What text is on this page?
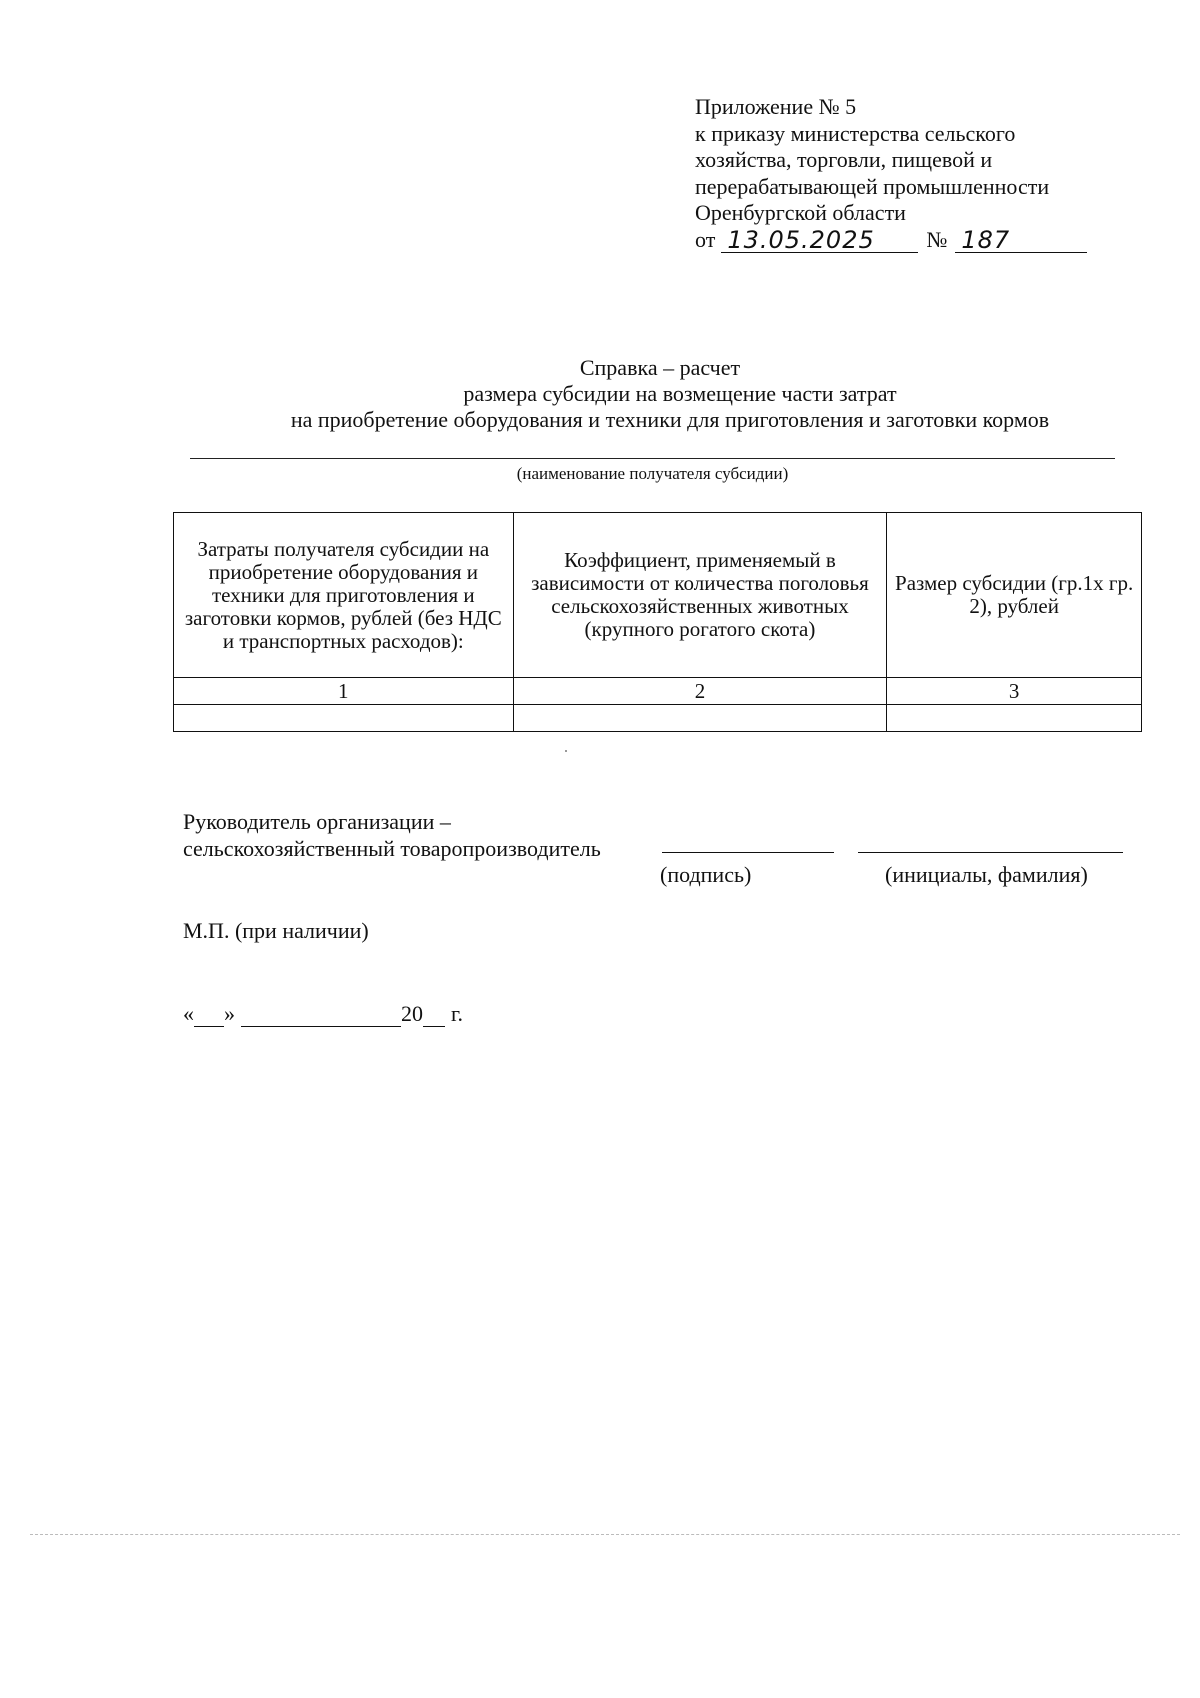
Приложение № 5
к приказу министерства сельского
хозяйства, торговли, пищевой и
перерабатывающей промышленности
Оренбургской области
от 13.05.2025	№ 187
Справка – расчет
размера субсидии на возмещение части затрат
на приобретение оборудования и техники для приготовления и заготовки кормов
(наименование получателя субсидии)
Затраты получателя субсидии на приобретение оборудования и техники для приготовления и заготовки кормов, рублей (без НДС и транспортных расходов):	Коэффициент, применяемый в зависимости от количества поголовья сельскохозяйственных животных (крупного рогатого скота)	Размер субсидии (гр.1х гр. 2), рублей
1	2	3

Руководитель организации –
сельскохозяйственный товаропроизводитель
(подпись)	(инициалы, фамилия)
М.П. (при наличии)
«
»
	20
г.
